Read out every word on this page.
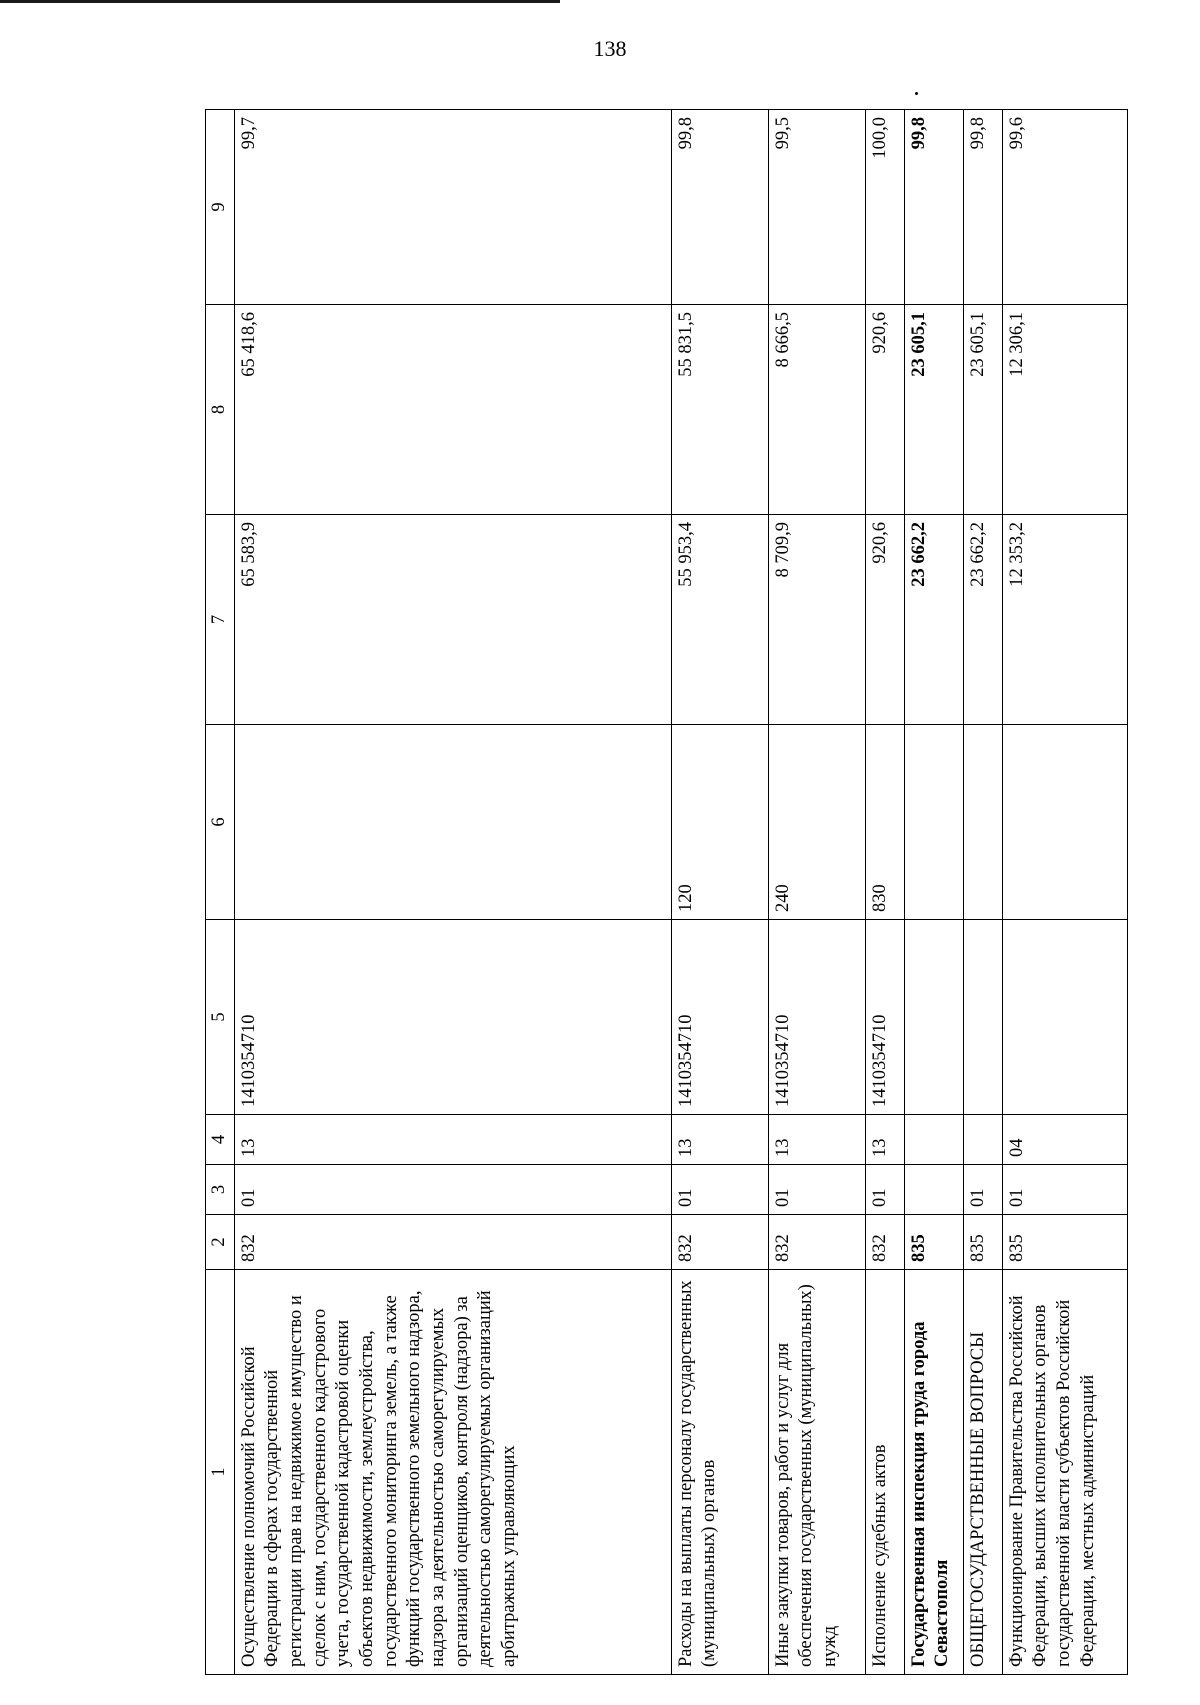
138
1	2	3	4	5	6	7	8	9
Осуществление полномочий Российской Федерации в сферах государственной регистрации прав на недвижимое имущество и сделок с ним, государственного кадастрового учета, государственной кадастровой оценки объектов недвижимости, землеустройства, государственного мониторинга земель, а также функций государственного земельного надзора, надзора за деятельностью саморегулируемых организаций оценщиков, контроля (надзора) за деятельностью саморегулируемых организаций арбитражных управляющих	832	01	13	1410354710		65 583,9	65 418,6	99,7
Расходы на выплаты персоналу государственных (муниципальных) органов	832	01	13	1410354710	120	55 953,4	55 831,5	99,8
Иные закупки товаров, работ и услуг для обеспечения государственных (муниципальных) нужд	832	01	13	1410354710	240	8 709,9	8 666,5	99,5
Исполнение судебных актов	832	01	13	1410354710	830	920,6	920,6	100,0
Государственная инспекция труда города Севастополя	835					23 662,2	23 605,1	99,8
ОБЩЕГОСУДАРСТВЕННЫЕ ВОПРОСЫ	835	01				23 662,2	23 605,1	99,8
Функционирование Правительства Российской Федерации, высших исполнительных органов государственной власти субъектов Российской Федерации, местных администраций	835	01	04			12 353,2	12 306,1	99,6
